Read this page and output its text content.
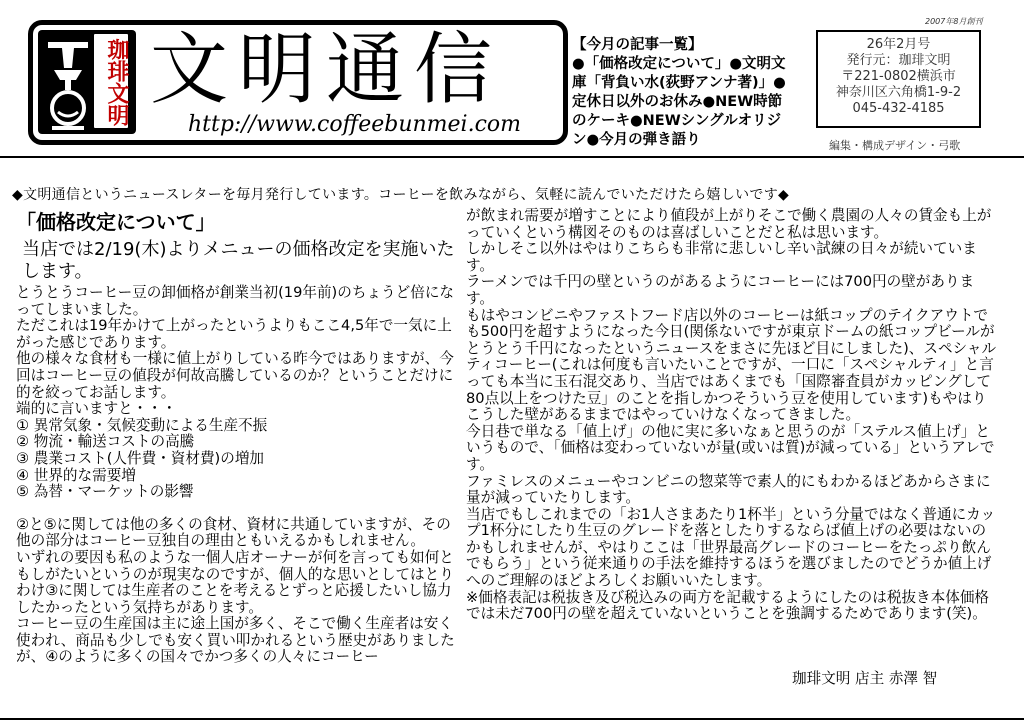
2007年8月創刊
珈琲文明 文明通信
http://www.coffeebunmei.com
【今月の記事一覧】
●「価格改定について」●文明文庫「背負い水(荻野アンナ著)」●定休日以外のお休み●NEW時節のケーキ●NEWシングルオリジン●今月の弾き語り
26年2月号
発行元：珈琲文明
〒221-0802横浜市
神奈川区六角橋1-9-2
045-432-4185
編集・構成デザイン・弓歌
◆文明通信というニュースレターを毎月発行しています。コーヒーを飲みながら、気軽に読んでいただけたら嬉しいです◆
「価格改定について」
当店では2/19(木)よりメニューの価格改定を実施いたします。
とうとうコーヒー豆の卸価格が創業当初(19年前)のちょうど倍になってしまいました。
ただこれは19年かけて上がったというよりもここ4,5年で一気に上がった感じであります。
他の様々な食材も一様に値上がりしている昨今ではありますが、今回はコーヒー豆の値段が何故高騰しているのか？ということだけに的を絞ってお話します。
端的に言いますと・・・
① 異常気象・気候変動による生産不振
② 物流・輸送コストの高騰
③ 農業コスト(人件費・資材費)の増加
④ 世界的な需要増
⑤ 為替・マーケットの影響
②と⑤に関しては他の多くの食材、資材に共通していますが、その他の部分はコーヒー豆独自の理由ともいえるかもしれません。
いずれの要因も私のような一個人店オーナーが何を言っても如何ともしがたいというのが現実なのですが、個人的な思いとしてはとりわけ③に関しては生産者のことを考えるとずっと応援したいし協力したかったという気持ちがあります。
コーヒー豆の生産国は主に途上国が多く、そこで働く生産者は安く使われ、商品も少しでも安く買い叩かれるという歴史がありましたが、④のように多くの国々でかつ多くの人々にコーヒー
が飲まれ需要が増すことにより値段が上がりそこで働く農園の人々の賃金も上がっていくという構図そのものは喜ばしいことだと私は思います。
しかしそこ以外はやはりこちらも非常に悲しいし辛い試練の日々が続いています。
ラーメンでは千円の壁というのがあるようにコーヒーには700円の壁があります。
もはやコンビニやファストフード店以外のコーヒーは紙コップのテイクアウトでも500円を超すようになった今日(関係ないですが東京ドームの紙コップビールがとうとう千円になったというニュースをまさに先ほど目にしました)、スペシャルティコーヒー(これは何度も言いたいことですが、一口に「スペシャルティ」と言っても本当に玉石混交あり、当店ではあくまでも「国際審査員がカッピングして80点以上をつけた豆」のことを指しかつそういう豆を使用しています)もやはりこうした壁があるままではやっていけなくなってきました。
今日巷で単なる「値上げ」の他に実に多いなぁと思うのが「ステルス値上げ」というもので、「価格は変わっていないが量(或いは質)が減っている」というアレです。
ファミレスのメニューやコンビニの惣菜等で素人的にもわかるほどあからさまに量が減っていたりします。
当店でもしこれまでの「お1人さまあたり1杯半」という分量ではなく普通にカップ1杯分にしたり生豆のグレードを落としたりするならば値上げの必要はないのかもしれませんが、やはりここは「世界最高グレードのコーヒーをたっぷり飲んでもらう」という従来通りの手法を維持するほうを選びましたのでどうか値上げへのご理解のほどよろしくお願いいたします。
※価格表記は税抜き及び税込みの両方を記載するようにしたのは税抜き本体価格では未だ700円の壁を超えていないということを強調するためであります(笑)。
珈琲文明 店主 赤澤 智
